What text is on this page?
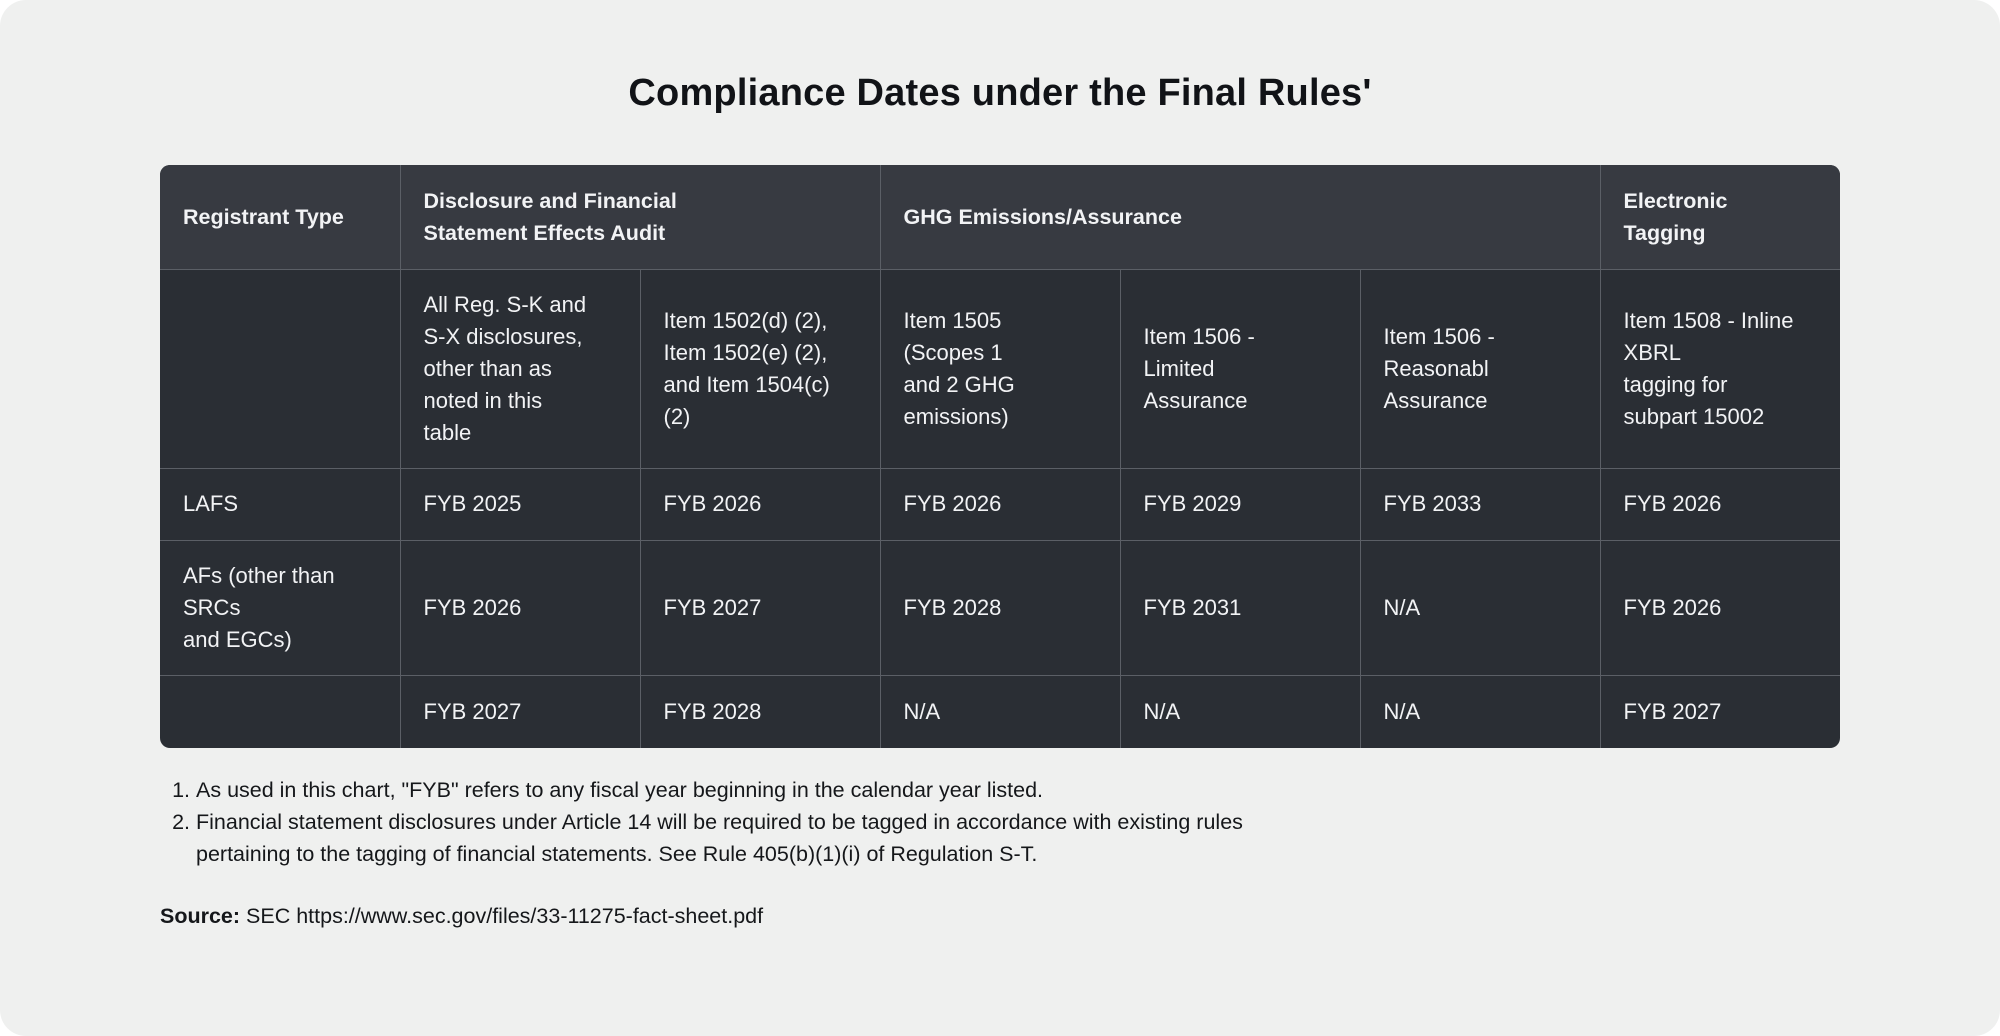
Compliance Dates under the Final Rules'
Registrant Type	Disclosure and Financial
Statement Effects Audit		GHG Emissions/Assurance			Electronic
Tagging
	All Reg. S-K and
S-X disclosures,
other than as
noted in this
table	Item 1502(d) (2),
Item 1502(e) (2),
and Item 1504(c)
(2)	Item 1505
(Scopes 1
and 2 GHG
emissions)	Item 1506 -
Limited
Assurance	Item 1506 -
Reasonabl
Assurance	Item 1508 - Inline
XBRL
tagging for
subpart 15002
LAFS	FYB 2025	FYB 2026	FYB 2026	FYB 2029	FYB 2033	FYB 2026
AFs (other than
SRCs
and EGCs)	FYB 2026	FYB 2027	FYB 2028	FYB 2031	N/A	FYB 2026
	FYB 2027	FYB 2028	N/A	N/A	N/A	FYB 2027
1. As used in this chart, "FYB" refers to any fiscal year beginning in the calendar year listed.
2. Financial statement disclosures under Article 14 will be required to be tagged in accordance with existing rules
pertaining to the tagging of financial statements. See Rule 405(b)(1)(i) of Regulation S-T.
Source: SEC https://www.sec.gov/files/33-11275-fact-sheet.pdf
